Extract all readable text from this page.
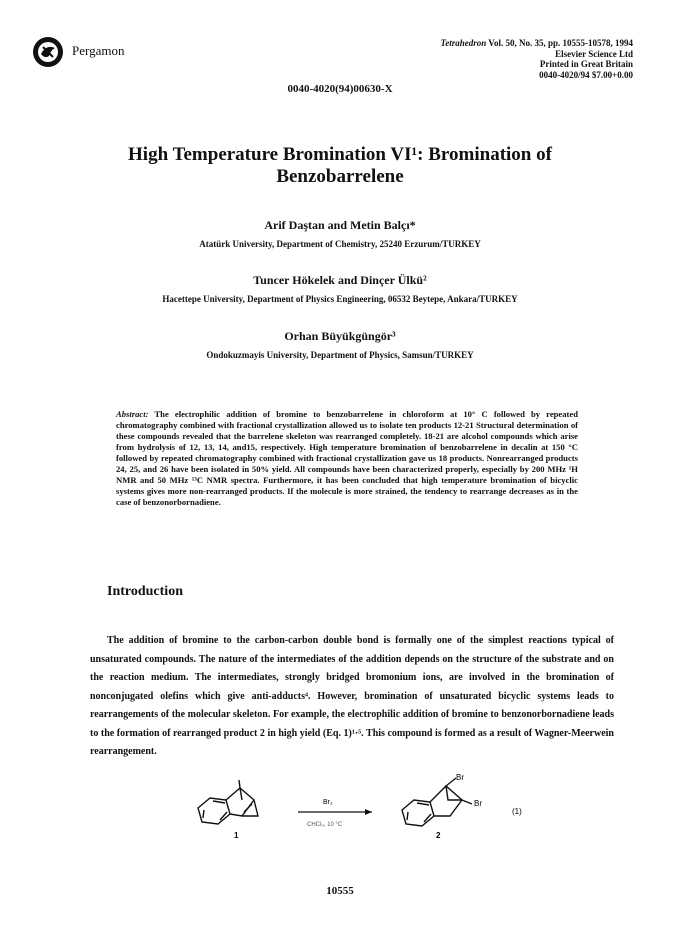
Pergamon	Tetrahedron Vol. 50, No. 35, pp. 10555-10578, 1994
Elsevier Science Ltd
Printed in Great Britain
0040-4020/94 $7.00+0.00
0040-4020(94)00630-X
High Temperature Bromination VI¹: Bromination of
Benzobarrelene
Arif Daştan and Metin Balçı*
Atatürk University, Department of Chemistry, 25240 Erzurum/TURKEY
Tuncer Hökelek and Dinçer Ülkü²
Hacettepe University, Department of Physics Engineering, 06532 Beytepe, Ankara/TURKEY
Orhan Büyükgüngör³
Ondokuzmayis University, Department of Physics, Samsun/TURKEY
Abstract: The electrophilic addition of bromine to benzobarrelene in chloroform at 10° C followed by repeated chromatography combined with fractional crystallization allowed us to isolate ten products 12-21 Structural determination of these compounds revealed that the barrelene skeleton was rearranged completely. 18-21 are alcohol compounds which arise from hydrolysis of 12, 13, 14, and15, respectively. High temperature bromination of benzobarrelene in decalin at 150 °C followed by repeated chromatography combined with fractional crystallization gave us 18 products. Nonrearranged products 24, 25, and 26 have been isolated in 50% yield. All compounds have been characterized properly, especially by 200 MHz ¹H NMR and 50 MHz ¹³C NMR spectra. Furthermore, it has been concluded that high temperature bromination of bicyclic systems gives more non-rearranged products. If the molecule is more strained, the tendency to rearrange decreases as in the case of benzonorbornadiene.
Introduction
The addition of bromine to the carbon-carbon double bond is formally one of the simplest reactions typical of unsaturated compounds. The nature of the intermediates of the addition depends on the structure of the substrate and on the reaction medium. The intermediates, strongly bridged bromonium ions, are involved in the bromination of nonconjugated olefins which give anti-adducts⁴. However, bromination of unsaturated bicyclic systems leads to rearrangements of the molecular skeleton. For example, the electrophilic addition of bromine to benzonorbornadiene leads to the formation of rearranged product 2 in high yield (Eq. 1)¹·⁵. This compound is formed as a result of Wagner-Meerwein rearrangement.
1
Br₂
CHCl₃, 10 °C
Br
Br
2
(1)
10555
